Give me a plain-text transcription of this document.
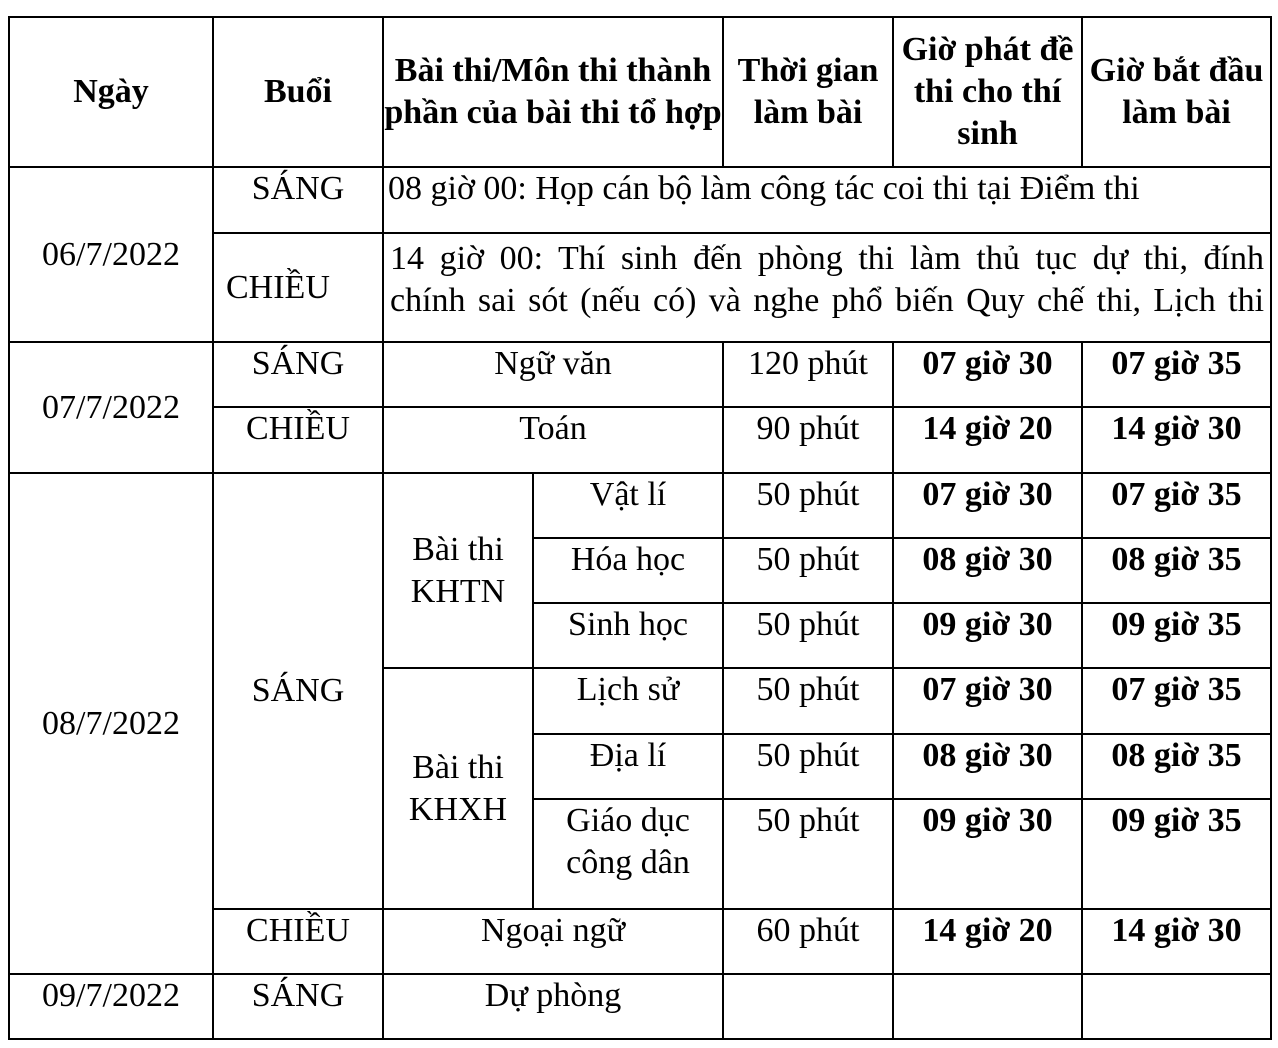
Ngày	Buổi	Bài thi/Môn thi thành phần của bài thi tổ hợp		Thời gian làm bài	Giờ phát đề thi cho thí sinh	Giờ bắt đầu làm bài
06/7/2022	SÁNG	08 giờ 00: Họp cán bộ làm công tác coi thi tại Điểm thi				
	CHIỀU	14 giờ 00: Thí sinh đến phòng thi làm thủ tục dự thi, đính
chính sai sót (nếu có) và nghe phổ biến Quy chế thi, Lịch thi				
07/7/2022	SÁNG	Ngữ văn		120 phút	07 giờ 30	07 giờ 35
	CHIỀU	Toán		90 phút	14 giờ 20	14 giờ 30
08/7/2022	SÁNG	Bài thi KHTN	Vật lí	50 phút	07 giờ 30	07 giờ 35
			Hóa học	50 phút	08 giờ 30	08 giờ 35
			Sinh học	50 phút	09 giờ 30	09 giờ 35
		Bài thi KHXH	Lịch sử	50 phút	07 giờ 30	07 giờ 35
			Địa lí	50 phút	08 giờ 30	08 giờ 35
			Giáo dục công dân	50 phút	09 giờ 30	09 giờ 35
	CHIỀU	Ngoại ngữ		60 phút	14 giờ 20	14 giờ 30
09/7/2022	SÁNG	Dự phòng				
